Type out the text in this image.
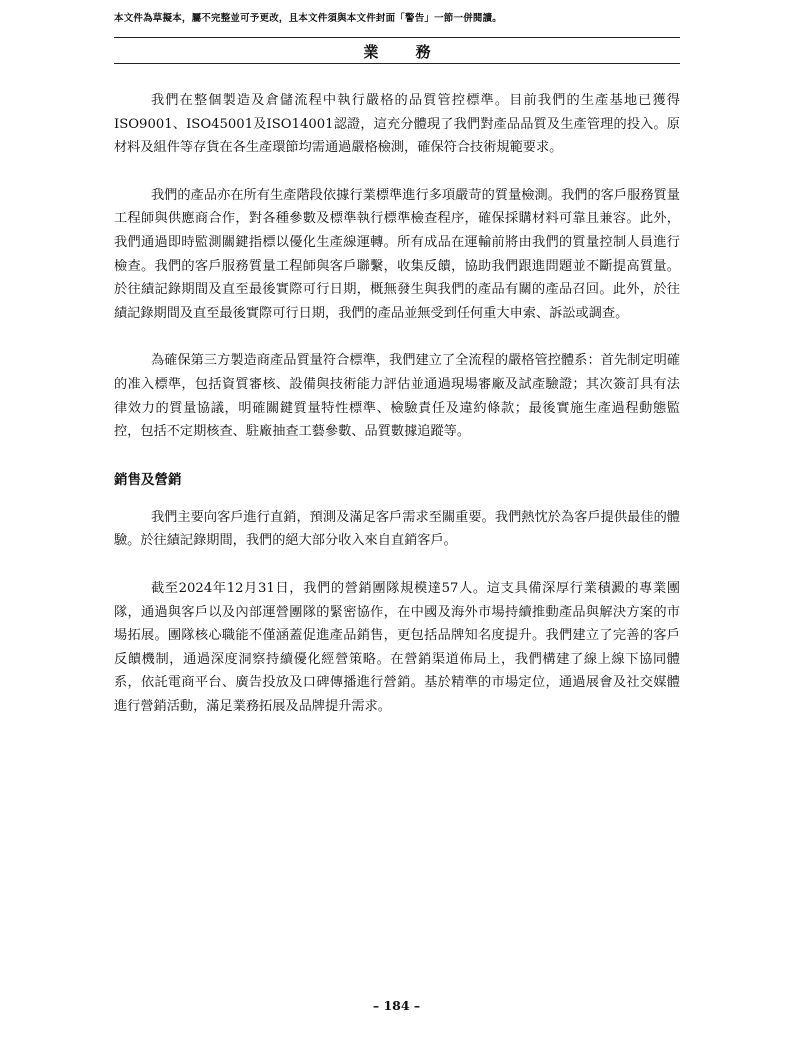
本文件為草擬本，屬不完整並可予更改，且本文件須與本文件封面「警告」一節一併閱讀。
業 務

我們在整個製造及倉儲流程中執行嚴格的品質管控標準。目前我們的生產基地已獲得ISO9001、ISO45001及ISO14001認證，這充分體現了我們對產品品質及生產管理的投入。原材料及組件等存貨在各生產環節均需通過嚴格檢測，確保符合技術規範要求。

我們的產品亦在所有生產階段依據行業標準進行多項嚴苛的質量檢測。我們的客戶服務質量工程師與供應商合作，對各種參數及標準執行標準檢查程序，確保採購材料可靠且兼容。此外，我們通過即時監測關鍵指標以優化生產線運轉。所有成品在運輸前將由我們的質量控制人員進行檢查。我們的客戶服務質量工程師與客戶聯繫，收集反饋，協助我們跟進問題並不斷提高質量。於往績記錄期間及直至最後實際可行日期，概無發生與我們的產品有關的產品召回。此外，於往績記錄期間及直至最後實際可行日期，我們的產品並無受到任何重大申索、訴訟或調查。

為確保第三方製造商產品質量符合標準，我們建立了全流程的嚴格管控體系：首先制定明確的准入標準，包括資質審核、設備與技術能力評估並通過現場審廠及試產驗證；其次簽訂具有法律效力的質量協議，明確關鍵質量特性標準、檢驗責任及違約條款；最後實施生產過程動態監控，包括不定期核查、駐廠抽查工藝參數、品質數據追蹤等。

銷售及營銷

我們主要向客戶進行直銷，預測及滿足客戶需求至關重要。我們熱忱於為客戶提供最佳的體驗。於往績記錄期間，我們的絕大部分收入來自直銷客戶。

截至2024年12月31日，我們的營銷團隊規模達57人。這支具備深厚行業積澱的專業團隊，通過與客戶以及內部運營團隊的緊密協作，在中國及海外市場持續推動產品與解決方案的市場拓展。團隊核心職能不僅涵蓋促進產品銷售，更包括品牌知名度提升。我們建立了完善的客戶反饋機制，通過深度洞察持續優化經營策略。在營銷渠道佈局上，我們構建了線上線下協同體系，依託電商平台、廣告投放及口碑傳播進行營銷。基於精準的市場定位，通過展會及社交媒體進行營銷活動，滿足業務拓展及品牌提升需求。

– 184 –
